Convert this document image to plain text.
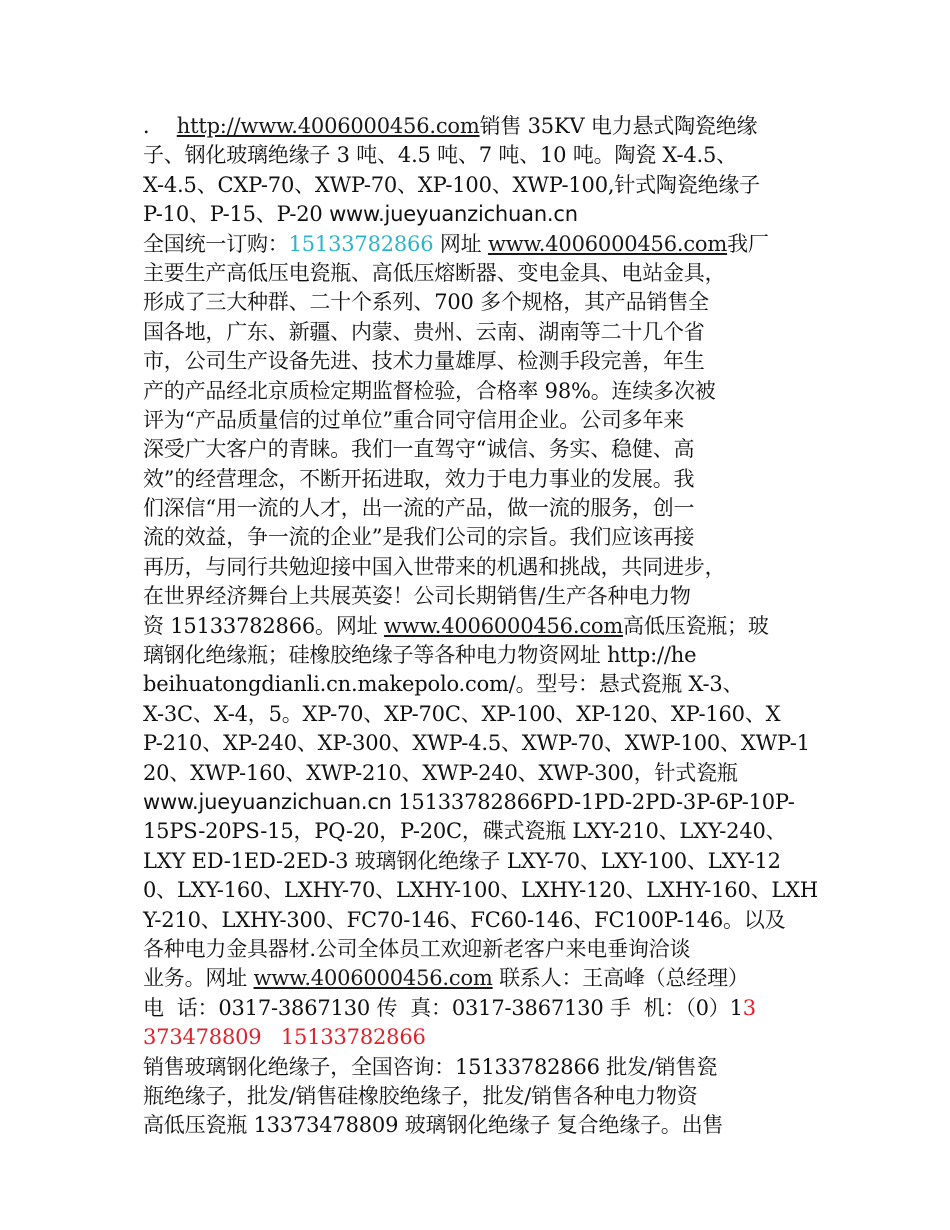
．  http://www.4006000456.com销售 35KV 电力悬式陶瓷绝缘
子、钢化玻璃绝缘子 3 吨、4.5 吨、7 吨、10 吨。陶瓷 X-4.5、
X-4.5、CXP-70、XWP-70、XP-100、XWP-100,针式陶瓷绝缘子
P-10、P-15、P-20 www.jueyuanzichuan.cn
全国统一订购：15133782866 网址 www.4006000456.com我厂
主要生产高低压电瓷瓶、高低压熔断器、变电金具、电站金具，
形成了三大种群、二十个系列、700 多个规格，其产品销售全
国各地，广东、新疆、内蒙、贵州、云南、湖南等二十几个省
市，公司生产设备先进、技术力量雄厚、检测手段完善，年生
产的产品经北京质检定期监督检验，合格率 98%。连续多次被
评为“产品质量信的过单位”重合同守信用企业。公司多年来
深受广大客户的青睐。我们一直驾守“诚信、务实、稳健、高
效”的经营理念，不断开拓进取，效力于电力事业的发展。我
们深信“用一流的人才，出一流的产品，做一流的服务，创一
流的效益，争一流的企业”是我们公司的宗旨。我们应该再接
再历，与同行共勉迎接中国入世带来的机遇和挑战，共同进步，
在世界经济舞台上共展英姿！公司长期销售/生产各种电力物
资 15133782866。网址 www.4006000456.com高低压瓷瓶；玻
璃钢化绝缘瓶；硅橡胶绝缘子等各种电力物资网址 http://he
beihuatongdianli.cn.makepolo.com/。型号：悬式瓷瓶 X-3、
X-3C、X-4，5。XP-70、XP-70C、XP-100、XP-120、XP-160、X
P-210、XP-240、XP-300、XWP-4.5、XWP-70、XWP-100、XWP-1
20、XWP-160、XWP-210、XWP-240、XWP-300，针式瓷瓶
www.jueyuanzichuan.cn 15133782866PD-1PD-2PD-3P-6P-10P-
15PS-20PS-15，PQ-20，P-20C，碟式瓷瓶 LXY-210、LXY-240、
LXY ED-1ED-2ED-3 玻璃钢化绝缘子 LXY-70、LXY-100、LXY-12
0、LXY-160、LXHY-70、LXHY-100、LXHY-120、LXHY-160、LXH
Y-210、LXHY-300、FC70-146、FC60-146、FC100P-146。以及
各种电力金具器材.公司全体员工欢迎新老客户来电垂询洽谈
业务。网址 www.4006000456.com 联系人：王高峰（总经理）
电  话：0317-3867130 传  真：0317-3867130 手  机：（0）13
373478809   15133782866
销售玻璃钢化绝缘子，全国咨询：15133782866 批发/销售瓷
瓶绝缘子，批发/销售硅橡胶绝缘子，批发/销售各种电力物资
高低压瓷瓶 13373478809 玻璃钢化绝缘子 复合绝缘子。出售
